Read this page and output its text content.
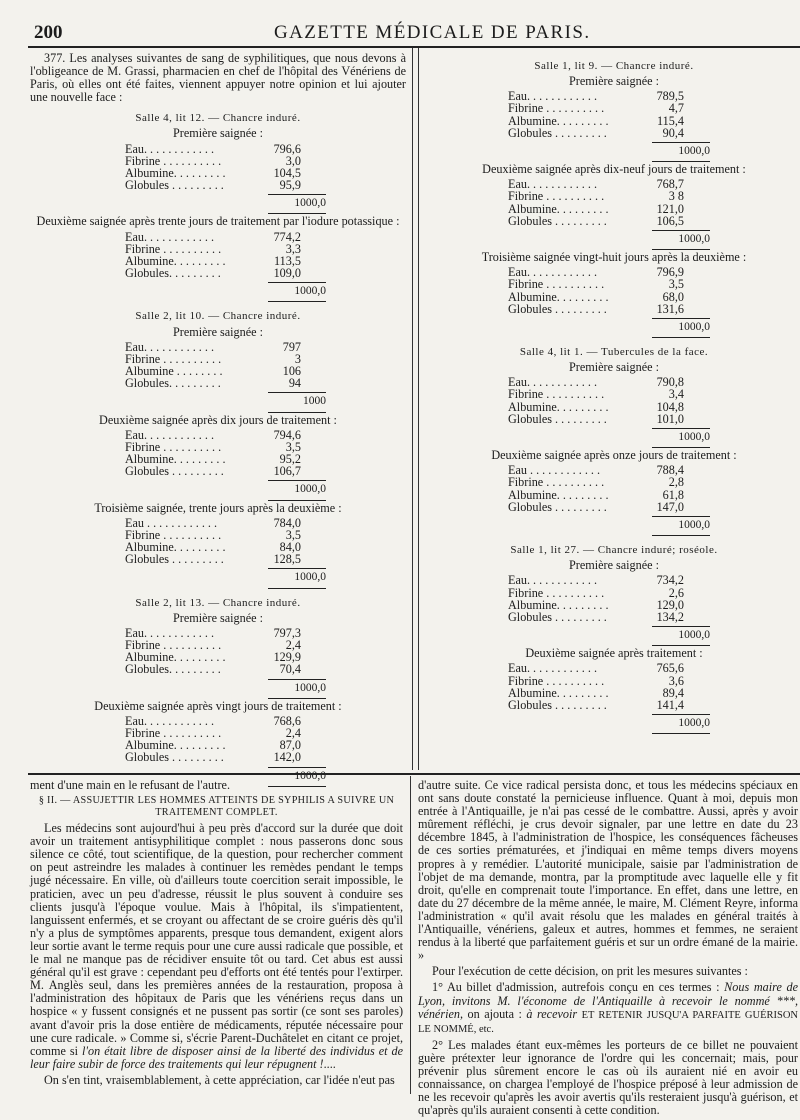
200	GAZETTE MÉDICALE DE PARIS.

377. Les analyses suivantes de sang de syphilitiques, que nous devons à l'obligeance de M. Grassi, pharmacien en chef de l'hôpital des Vénériens de Paris, où elles ont été faites, viennent appuyer notre opinion et lui ajouter une nouvelle face :

Salle 4, lit 12. — Chancre induré.
Première saignée :
Eau. . . . . . . . . . . .	796,6
Fibrine . . . . . . . . . .	3,0
Albumine. . . . . . . . .	104,5
Globules . . . . . . . . .	95,9
1000,0
Deuxième saignée après trente jours de traitement par l'iodure potassique :
Eau. . . . . . . . . . . .	774,2
Fibrine . . . . . . . . . .	3,3
Albumine. . . . . . . . .	113,5
Globules. . . . . . . . .	109,0
1000,0
Salle 2, lit 10. — Chancre induré.
Première saignée :
Eau. . . . . . . . . . . .	797
Fibrine . . . . . . . . . .	3
Albumine . . . . . . . .	106
Globules. . . . . . . . .	94
1000
Deuxième saignée après dix jours de traitement :
Eau. . . . . . . . . . . .	794,6
Fibrine . . . . . . . . . .	3,5
Albumine. . . . . . . . .	95,2
Globules . . . . . . . . .	106,7
1000,0
Troisième saignée, trente jours après la deuxième :
Eau . . . . . . . . . . . .	784,0
Fibrine . . . . . . . . . .	3,5
Albumine. . . . . . . . .	84,0
Globules . . . . . . . . .	128,5
1000,0
Salle 2, lit 13. — Chancre induré.
Première saignée :
Eau. . . . . . . . . . . .	797,3
Fibrine . . . . . . . . . .	2,4
Albumine. . . . . . . . .	129,9
Globules. . . . . . . . .	70,4
1000,0
Deuxième saignée après vingt jours de traitement :
Eau. . . . . . . . . . . .	768,6
Fibrine . . . . . . . . . .	2,4
Albumine. . . . . . . . .	87,0
Globules . . . . . . . . .	142,0
1000,0
Salle 1, lit 9. — Chancre induré.
Première saignée :
Eau. . . . . . . . . . . .	789,5
Fibrine . . . . . . . . . .	4,7
Albumine. . . . . . . . .	115,4
Globules . . . . . . . . .	90,4
1000,0
Deuxième saignée après dix-neuf jours de traitement :
Eau. . . . . . . . . . . .	768,7
Fibrine . . . . . . . . . .	3 8
Albumine. . . . . . . . .	121,0
Globules . . . . . . . . .	106,5
1000,0
Troisième saignée vingt-huit jours après la deuxième :
Eau. . . . . . . . . . . .	796,9
Fibrine . . . . . . . . . .	3,5
Albumine. . . . . . . . .	68,0
Globules . . . . . . . . .	131,6
1000,0
Salle 4, lit 1. — Tubercules de la face.
Première saignée :
Eau. . . . . . . . . . . .	790,8
Fibrine . . . . . . . . . .	3,4
Albumine. . . . . . . . .	104,8
Globules . . . . . . . . .	101,0
1000,0
Deuxième saignée après onze jours de traitement :
Eau . . . . . . . . . . . .	788,4
Fibrine . . . . . . . . . .	2,8
Albumine. . . . . . . . .	61,8
Globules . . . . . . . . .	147,0
1000,0
Salle 1, lit 27. — Chancre induré; roséole.
Première saignée :
Eau. . . . . . . . . . . .	734,2
Fibrine . . . . . . . . . .	2,6
Albumine. . . . . . . . .	129,0
Globules . . . . . . . . .	134,2
1000,0
Deuxième saignée après traitement :
Eau. . . . . . . . . . . .	765,6
Fibrine . . . . . . . . . .	3,6
Albumine. . . . . . . . .	89,4
Globules . . . . . . . . .	141,4
1000,0

ment d'une main en le refusant de l'autre.

§ II. — ASSUJETTIR LES HOMMES ATTEINTS DE SYPHILIS A SUIVRE UN TRAITEMENT COMPLET.

Les médecins sont aujourd'hui à peu près d'accord sur la durée que doit avoir un traitement antisyphilitique complet : nous passerons donc sous silence ce côté, tout scientifique, de la question, pour rechercher comment on peut astreindre les malades à continuer les remèdes pendant le temps jugé nécessaire. En ville, où d'ailleurs toute coercition serait impossible, le praticien, avec un peu d'adresse, réussit le plus souvent à conduire ses clients jusqu'à l'époque voulue. Mais à l'hôpital, ils s'impatientent, languissent enfermés, et se croyant ou affectant de se croire guéris dès qu'il n'y a plus de symptômes apparents, presque tous demandent, exigent alors leur sortie avant le terme requis pour une cure aussi radicale que possible, et le mal ne manque pas de récidiver ensuite tôt ou tard. Cet abus est aussi général qu'il est grave : cependant peu d'efforts ont été tentés pour l'extirper. M. Anglès seul, dans les premières années de la restauration, proposa à l'administration des hôpitaux de Paris que les vénériens reçus dans un hospice « y fussent consignés et ne pussent pas sortir (ce sont ses paroles) avant d'avoir pris la dose entière de médicaments, réputée nécessaire pour une cure radicale. » Comme si, s'écrie Parent-Duchâtelet en citant ce projet, comme si l'on était libre de disposer ainsi de la liberté des individus et de leur faire subir de force des traitements qui leur répugnent !....

On s'en tint, vraisemblablement, à cette appréciation, car l'idée n'eut pas

d'autre suite. Ce vice radical persista donc, et tous les médecins spéciaux en ont sans doute constaté la pernicieuse influence. Quant à moi, depuis mon entrée à l'Antiquaille, je n'ai pas cessé de le combattre. Aussi, après y avoir mûrement réfléchi, je crus devoir signaler, par une lettre en date du 23 décembre 1845, à l'administration de l'hospice, les conséquences fâcheuses de ces sorties prématurées, et j'indiquai en même temps divers moyens propres à y remédier. L'autorité municipale, saisie par l'administration de l'objet de ma demande, montra, par la promptitude avec laquelle elle y fit droit, qu'elle en comprenait toute l'importance. En effet, dans une lettre, en date du 27 décembre de la même année, le maire, M. Clément Reyre, informa l'administration « qu'il avait résolu que les malades en général traités à l'Antiquaille, vénériens, galeux et autres, hommes et femmes, ne seraient rendus à la liberté que parfaitement guéris et sur un ordre émané de la mairie. »

Pour l'exécution de cette décision, on prit les mesures suivantes :

1° Au billet d'admission, autrefois conçu en ces termes : Nous maire de Lyon, invitons M. l'économe de l'Antiquaille à recevoir le nommé ***, vénérien, on ajouta : à recevoir ET RETENIR JUSQU'A PARFAITE GUÉRISON LE NOMMÉ, etc.

2° Les malades étant eux-mêmes les porteurs de ce billet ne pouvaient guère prétexter leur ignorance de l'ordre qui les concernait; mais, pour prévenir plus sûrement encore le cas où ils auraient nié en avoir eu connaissance, on chargea l'employé de l'hospice préposé à leur admission de ne les recevoir qu'après les avoir avertis qu'ils resteraient jusqu'à guérison, et qu'après qu'ils auraient consenti à cette condition.
